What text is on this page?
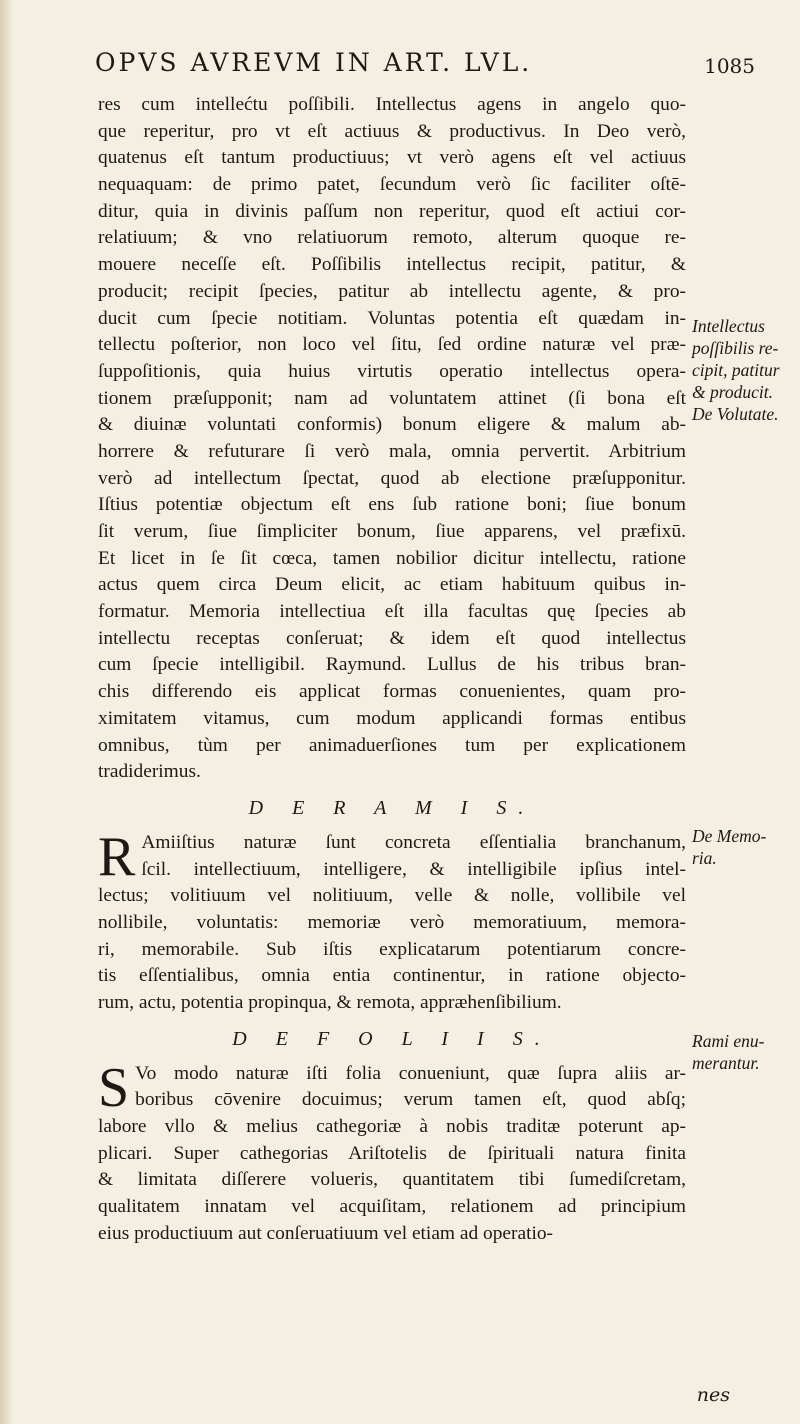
OPVS AVREVM IN ART. LVL.	1085
res cum intellećtu poſſibili. Intellectus agens in angelo quo-
que reperitur, pro vt eſt actiuus & productivus. In Deo verò,
quatenus eſt tantum productiuus; vt verò agens eſt vel actiuus
nequaquam: de primo patet, ſecundum verò ſic faciliter oſtē-
ditur, quia in divinis paſſum non reperitur, quod eſt actiui cor-
relatiuum; & vno relatiuorum remoto, alterum quoque re-
mouere neceſſe eſt. Poſſibilis intellectus recipit, patitur, &
producit; recipit ſpecies, patitur ab intellectu agente, & pro-
ducit cum ſpecie notitiam. Voluntas potentia eſt quædam in-
tellectu poſterior, non loco vel ſitu, ſed ordine naturæ vel præ-
ſuppoſitionis, quia huius virtutis operatio intellectus opera-
tionem præſupponit; nam ad voluntatem attinet (ſi bona eſt
& diuinæ voluntati conformis) bonum eligere & malum ab-
horrere & refuturare ſi verò mala, omnia pervertit. Arbitrium
verò ad intellectum ſpectat, quod ab electione præſupponitur.
Iſtius potentiæ objectum eſt ens ſub ratione boni; ſiue bonum
ſit verum, ſiue ſimpliciter bonum, ſiue apparens, vel præfixū.
Et licet in ſe ſit cœca, tamen nobilior dicitur intellectu, ratione
actus quem circa Deum elicit, ac etiam habituum quibus in-
formatur. Memoria intellectiua eſt illa facultas quę ſpecies ab
intellectu receptas conſeruat; & idem eſt quod intellectus
cum ſpecie intelligibil. Raymund. Lullus de his tribus bran-
chis differendo eis applicat formas conuenientes, quam pro-
ximitatem vitamus, cum modum applicandi formas entibus
omnibus, tùm per animaduerſiones tum per explicationem
tradiderimus.
D E R A M I S.
R Amiiſtius naturæ ſunt concreta eſſentialia branchanum,
ſcil. intellectiuum, intelligere, & intelligibile ipſius intel-
lectus; volitiuum vel nolitiuum, velle & nolle, vollibile vel
nollibile, voluntatis: memoriæ verò memoratiuum, memora-
ri, memorabile. Sub iſtis explicatarum potentiarum concre-
tis eſſentialibus, omnia entia continentur, in ratione objecto-
rum, actu, potentia propinqua, & remota, appræhenſibilium.
D E F O L I I S.
S Vo modo naturæ iſti folia conueniunt, quæ ſupra aliis ar-
boribus cōvenire docuimus; verum tamen eſt, quod abſq;
labore vllo & melius cathegoriæ à nobis traditæ poterunt ap-
plicari. Super cathegorias Ariſtotelis de ſpirituali natura finita
& limitata diſſerere volueris, quantitatem tibi ſumediſcretam,
qualitatem innatam vel acquiſitam, relationem ad principium
eius productiuum aut conſeruatiuum vel etiam ad operatio-
Intellectus
poſſibilis re-
cipit, patitur
& producit.
De Volutate.
De Memo-
ria.
Rami enu-
merantur.
nes
